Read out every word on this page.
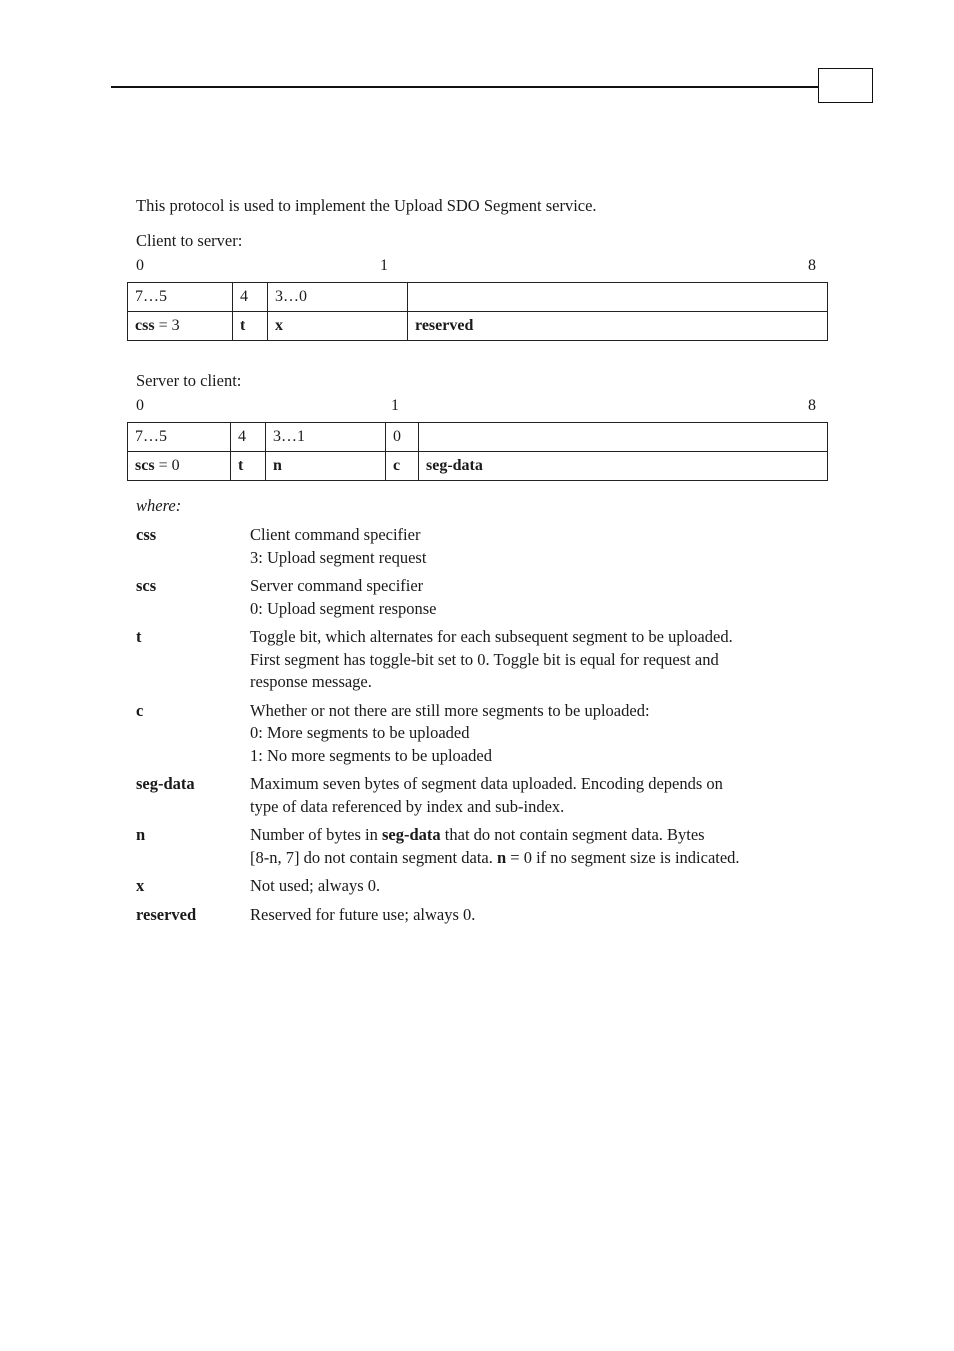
This protocol is used to implement the Upload SDO Segment service.
Client to server:
0	1	8
7…5	4	3…0	
css = 3	t	x	reserved
Server to client:
0	1	8
7…5	4	3…1	0	
scs = 0	t	n	c	seg-data
where:
css	Client command specifier
3: Upload segment request
scs	Server command specifier
0: Upload segment response
t	Toggle bit, which alternates for each subsequent segment to be uploaded.
First segment has toggle-bit set to 0. Toggle bit is equal for request and
response message.
c	Whether or not there are still more segments to be uploaded:
0: More segments to be uploaded
1: No more segments to be uploaded
seg-data	Maximum seven bytes of segment data uploaded. Encoding depends on
type of data referenced by index and sub-index.
n	Number of bytes in seg-data that do not contain segment data. Bytes
[8-n, 7] do not contain segment data. n = 0 if no segment size is indicated.
x	Not used; always 0.
reserved	Reserved for future use; always 0.
